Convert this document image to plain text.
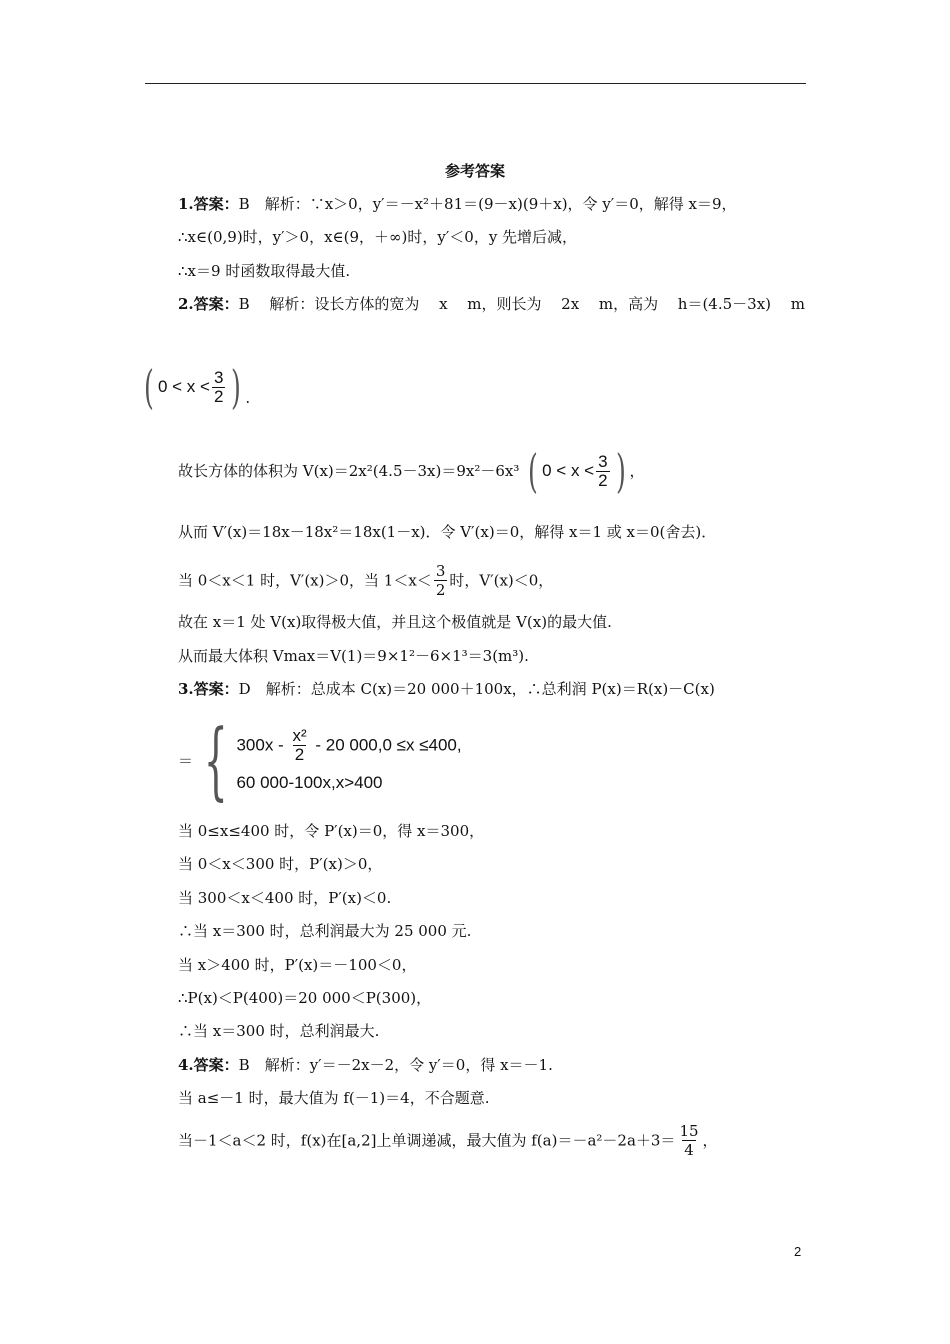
参考答案
1.答案：B　解析：∵x＞0，y′＝－x²＋81＝(9－x)(9＋x)，令 y′＝0，解得 x＝9，
∴x∈(0,9)时，y′＞0，x∈(9，＋∞)时，y′＜0，y 先增后减，
∴x＝9 时函数取得最大值.
2.答案：B 解析：设长方体的宽为 x m，则长为 2x m，高为 h＝(4.5－3x) m
( $0 < x < \frac{3}{2}$ ) .
故长方体的体积为 V(x)＝2x²(4.5－3x)＝9x²－6x³ ( $0 < x < \frac{3}{2}$ ) ，
从而 V′(x)＝18x－18x²＝18x(1－x)．令 V′(x)＝0，解得 x＝1 或 x＝0(舍去)．
当 0＜x＜1 时，V′(x)＞0，当 $1<x< \frac{3}{2}$ 时，V′(x)＜0，
故在 x＝1 处 V(x)取得极大值，并且这个极值就是 V(x)的最大值.
从而最大体积 Vmax＝V(1)＝9×1²－6×1³＝3(m³).
3.答案：D　解析：总成本 C(x)＝20 000＋100x，∴总利润 P(x)＝R(x)－C(x)
＝ { $300x - \frac{\text{x²}}{2} - 20$ 000,0 ≤x ≤400,
60 000-100x,x>400
当 0≤x≤400 时，令 P′(x)＝0，得 x＝300，
当 0＜x＜300 时，P′(x)＞0，
当 300＜x＜400 时，P′(x)＜0.
∴当 x＝300 时，总利润最大为 25 000 元.
当 x＞400 时，P′(x)＝－100＜0，
∴P(x)＜P(400)＝20 000＜P(300)，
∴当 x＝300 时，总利润最大.
4.答案：B　解析：y′＝－2x－2，令 y′＝0，得 x＝－1.
当 a≤－1 时，最大值为 f(－1)＝4，不合题意.
当－1＜a＜2 时，f(x)在[a,2]上单调递减，最大值为 $f(a)=-a^2-2a+3= \frac{15}{4}$ ，
2
